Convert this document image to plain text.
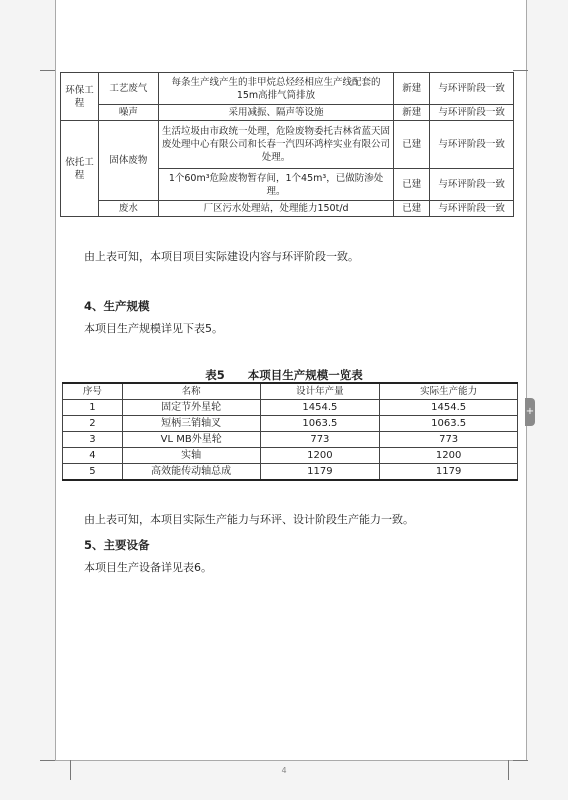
环保工程	工艺废气	每条生产线产生的非甲烷总烃经相应生产线配套的15m高排气筒排放	新建	与环评阶段一致
	噪声	采用减振、隔声等设施	新建	与环评阶段一致
依托工程	固体废物	生活垃圾由市政统一处理，危险废物委托吉林省蓝天固废处理中心有限公司和长春一汽四环鸿梓实业有限公司处理。	已建	与环评阶段一致
		1个60m³危险废物暂存间，1个45m³，已做防渗处理。	已建	与环评阶段一致
	废水	厂区污水处理站，处理能力150t/d	已建	与环评阶段一致
由上表可知，本项目项目实际建设内容与环评阶段一致。
4、生产规模
本项目生产规模详见下表5。
表5　　本项目生产规模一览表
序号	名称	设计年产量	实际生产能力
1	固定节外星轮	1454.5	1454.5
2	短柄三销轴叉	1063.5	1063.5
3	VL MB外星轮	773	773
4	实轴	1200	1200
5	高效能传动轴总成	1179	1179
由上表可知，本项目实际生产能力与环评、设计阶段生产能力一致。
5、主要设备
本项目生产设备详见表6。
4
+
